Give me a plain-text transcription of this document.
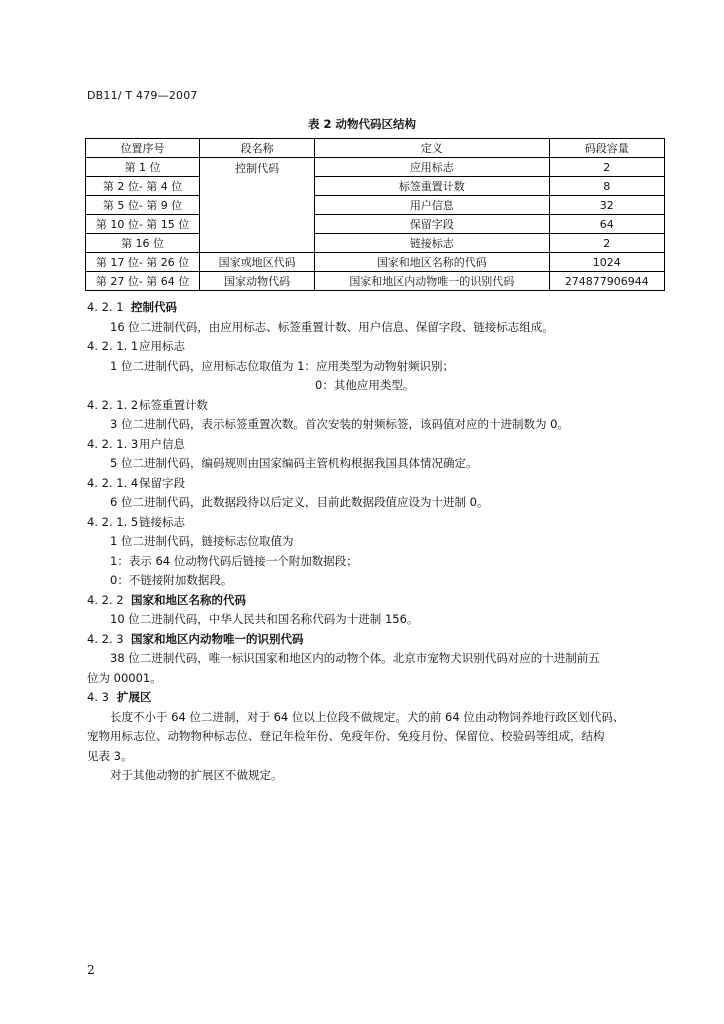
DB11/ T 479—2007
表 2 动物代码区结构
位置序号	段名称	定义	码段容量
第 1 位	控制代码	应用标志	2
第 2 位- 第 4 位		标签重置计数	8
第 5 位- 第 9 位		用户信息	32
第 10 位- 第 15 位		保留字段	64
第 16 位		链接标志	2
第 17 位- 第 26 位	国家或地区代码	国家和地区名称的代码	1024
第 27 位- 第 64 位	国家动物代码	国家和地区内动物唯一的识别代码	274877906944
4. 2. 1 控制代码
16 位二进制代码，由应用标志、标签重置计数、用户信息、保留字段、链接标志组成。
4. 2. 1. 1应用标志
1 位二进制代码，应用标志位取值为 1：应用类型为动物射频识别；
0：其他应用类型。
4. 2. 1. 2标签重置计数
3 位二进制代码，表示标签重置次数。首次安装的射频标签，该码值对应的十进制数为 0。
4. 2. 1. 3用户信息
5 位二进制代码，编码规则由国家编码主管机构根据我国具体情况确定。
4. 2. 1. 4保留字段
6 位二进制代码，此数据段待以后定义，目前此数据段值应设为十进制 0。
4. 2. 1. 5链接标志
1 位二进制代码，链接标志位取值为
1：表示 64 位动物代码后链接一个附加数据段；
0：不链接附加数据段。
4. 2. 2 国家和地区名称的代码
10 位二进制代码，中华人民共和国名称代码为十进制 156。
4. 2. 3 国家和地区内动物唯一的识别代码
38 位二进制代码，唯一标识国家和地区内的动物个体。北京市宠物犬识别代码对应的十进制前五
位为 00001。
4. 3 扩展区
长度不小于 64 位二进制，对于 64 位以上位段不做规定。犬的前 64 位由动物饲养地行政区划代码、
宠物用标志位、动物物种标志位、登记年检年份、免疫年份、免疫月份、保留位、校验码等组成，结构
见表 3。
对于其他动物的扩展区不做规定。
2
